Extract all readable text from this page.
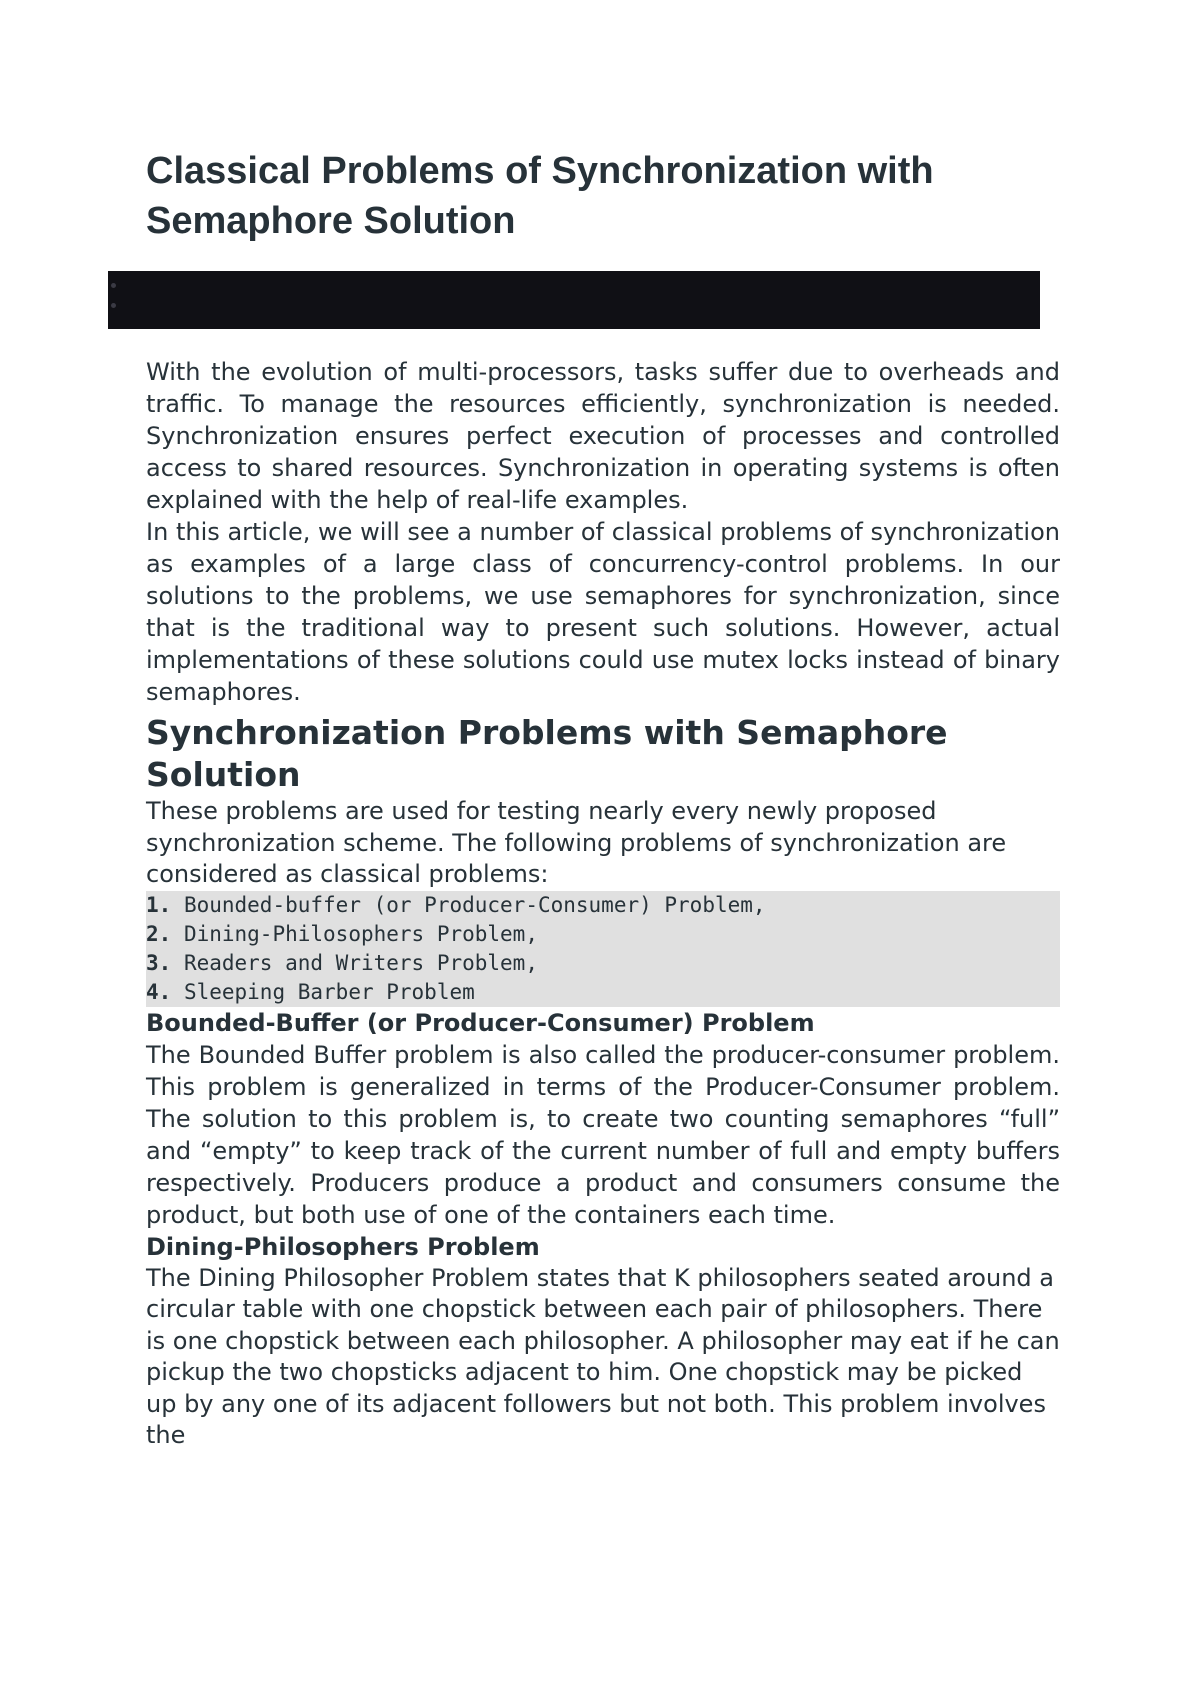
Classical Problems of Synchronization with Semaphore Solution

With the evolution of multi-processors, tasks suffer due to overheads and traffic. To manage the resources efficiently, synchronization is needed. Synchronization ensures perfect execution of processes and controlled access to shared resources. Synchronization in operating systems is often explained with the help of real-life examples.

In this article, we will see a number of classical problems of synchronization as examples of a large class of concurrency-control problems. In our solutions to the problems, we use semaphores for synchronization, since that is the traditional way to present such solutions. However, actual implementations of these solutions could use mutex locks instead of binary semaphores.

Synchronization Problems with Semaphore Solution

These problems are used for testing nearly every newly proposed synchronization scheme. The following problems of synchronization are considered as classical problems:

1. Bounded-buffer (or Producer-Consumer) Problem,
2. Dining-Philosophers Problem,
3. Readers and Writers Problem,
4. Sleeping Barber Problem
Bounded-Buffer (or Producer-Consumer) Problem

The Bounded Buffer problem is also called the producer-consumer problem. This problem is generalized in terms of the Producer-Consumer problem. The solution to this problem is, to create two counting semaphores “full” and “empty” to keep track of the current number of full and empty buffers respectively. Producers produce a product and consumers consume the product, but both use of one of the containers each time.

Dining-Philosophers Problem

The Dining Philosopher Problem states that K philosophers seated around a circular table with one chopstick between each pair of philosophers. There is one chopstick between each philosopher. A philosopher may eat if he can pickup the two chopsticks adjacent to him. One chopstick may be picked up by any one of its adjacent followers but not both. This problem involves the
